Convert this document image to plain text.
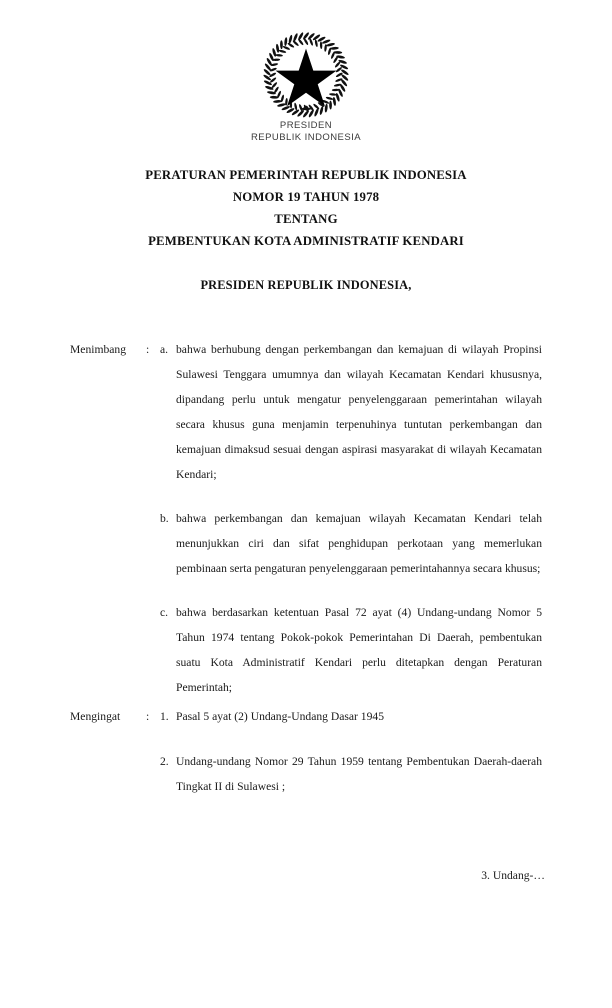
PRESIDEN
REPUBLIK INDONESIA
PERATURAN PEMERINTAH REPUBLIK INDONESIA
NOMOR 19 TAHUN 1978
TENTANG
PEMBENTUKAN KOTA ADMINISTRATIF KENDARI
PRESIDEN REPUBLIK INDONESIA,
Menimbang	: a. bahwa berhubung dengan perkembangan dan kemajuan di wilayah Propinsi Sulawesi Tenggara umumnya dan wilayah Kecamatan Kendari khususnya, dipandang perlu untuk mengatur penyelenggaraan pemerintahan wilayah secara khusus guna menjamin terpenuhinya tuntutan perkembangan dan kemajuan dimaksud sesuai dengan aspirasi masyarakat di wilayah Kecamatan Kendari;
b. bahwa perkembangan dan kemajuan wilayah Kecamatan Kendari telah menunjukkan ciri dan sifat penghidupan perkotaan yang memerlukan pembinaan serta pengaturan penyelenggaraan pemerintahannya secara khusus;
c. bahwa berdasarkan ketentuan Pasal 72 ayat (4) Undang-undang Nomor 5 Tahun 1974 tentang Pokok-pokok Pemerintahan Di Daerah, pembentukan suatu Kota Administratif Kendari perlu ditetapkan dengan Peraturan Pemerintah;
Mengingat	: 1. Pasal 5 ayat (2) Undang-Undang Dasar 1945
2. Undang-undang Nomor 29 Tahun 1959 tentang Pembentukan Daerah-daerah Tingkat II di Sulawesi ;
3. Undang-…
